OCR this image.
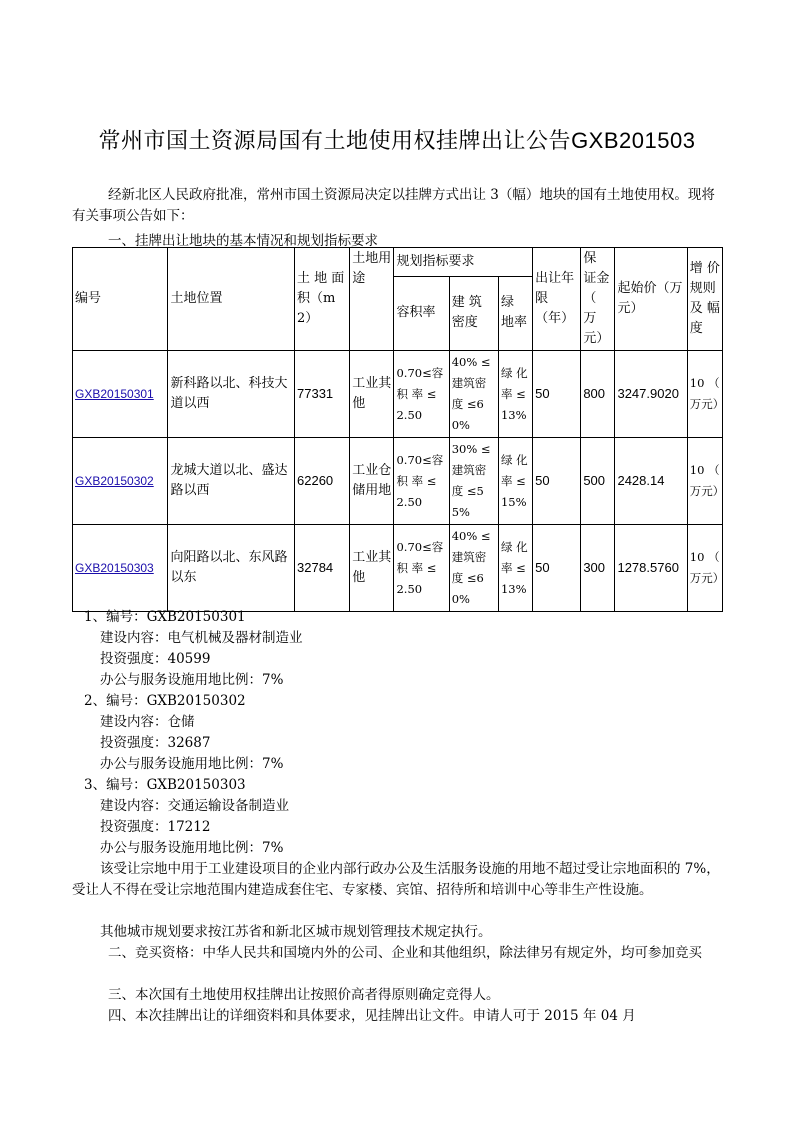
常州市国土资源局国有土地使用权挂牌出让公告GXB201503
经新北区人民政府批准，常州市国土资源局决定以挂牌方式出让 3（幅）地块的国有土地使用权。现将有关事项公告如下：
一、挂牌出让地块的基本情况和规划指标要求
编号	土地位置	土 地 面积（m2）	土地用途	规划指标要求			出让年限（年）	保 证金（ 万元）	起始价（万元）	增 价规则及 幅度
				容积率	建 筑 密度	绿 地率				
GXB20150301	新科路以北、科技大道以西	77331	工业其他	0.70≤容积 率 ≤2.50	40% ≤建筑密度 ≤60%	绿 化率 ≤13%	50	800	3247.9020	10 （ 万元）
GXB20150302	龙城大道以北、盛达路以西	62260	工业仓储用地	0.70≤容积 率 ≤2.50	30% ≤建筑密度 ≤55%	绿 化率 ≤15%	50	500	2428.14	10 （ 万元）
GXB20150303	向阳路以北、东风路以东	32784	工业其他	0.70≤容积 率 ≤2.50	40% ≤建筑密度 ≤60%	绿 化率 ≤13%	50	300	1278.5760	10 （ 万元）
1、编号：GXB20150301
建设内容：电气机械及器材制造业
投资强度：40599
办公与服务设施用地比例：7%
2、编号：GXB20150302
建设内容：仓储
投资强度：32687
办公与服务设施用地比例：7%
3、编号：GXB20150303
建设内容：交通运输设备制造业
投资强度：17212
办公与服务设施用地比例：7%
该受让宗地中用于工业建设项目的企业内部行政办公及生活服务设施的用地不超过受让宗地面积的 7%，受让人不得在受让宗地范围内建造成套住宅、专家楼、宾馆、招待所和培训中心等非生产性设施。
其他城市规划要求按江苏省和新北区城市规划管理技术规定执行。
二、竞买资格：中华人民共和国境内外的公司、企业和其他组织，除法律另有规定外，均可参加竞买
三、本次国有土地使用权挂牌出让按照价高者得原则确定竞得人。
四、本次挂牌出让的详细资料和具体要求，见挂牌出让文件。申请人可于 2015 年 04 月
